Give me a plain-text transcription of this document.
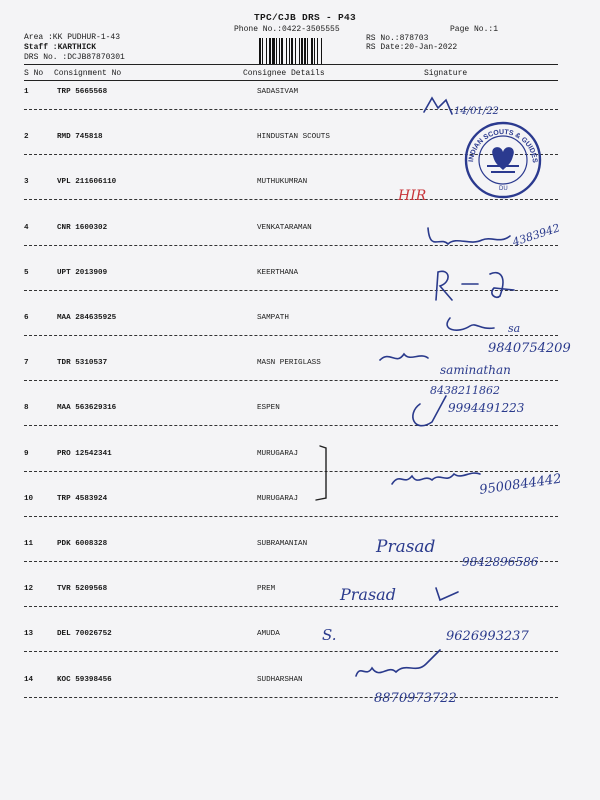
TPC/CJB DRS - P43
Phone No.:0422-3505555	Page No.:1
Area :KK PUDHUR-1-43
Staff :KARTHICK
DRS No. :DCJB87870301
RS No.:878703
RS Date:20-Jan-2022
S No Consignment No	Consignee Details	Signature
1	TRP 5665568	SADASIVAM
2	RMD 745818	HINDUSTAN SCOUTS
3	VPL 211606110	MUTHUKUMRAN
4	CNR 1600302	VENKATARAMAN
5	UPT 2013909	KEERTHANA
6	MAA 284635925	SAMPATH
7	TDR 5310537	MASN PERIGLASS
8	MAA 563629316	ESPEN
9	PRO 12542341	MURUGARAJ
10	TRP 4583924	MURUGARAJ
11	PDK 6008328	SUBRAMANIAN
12	TVR 5209568	PREM
13	DEL 70026752	AMUDA
14	KOC 59398456	SUDHARSHAN
INDIAN SCOUTS & GUIDES
DU
14/01/22
HIR
4383942
sa
9840754209
saminathan
8438211862
9994491223
9500844442
Prasad
9842896586
Prasad
S.	9626993237
8870973722
